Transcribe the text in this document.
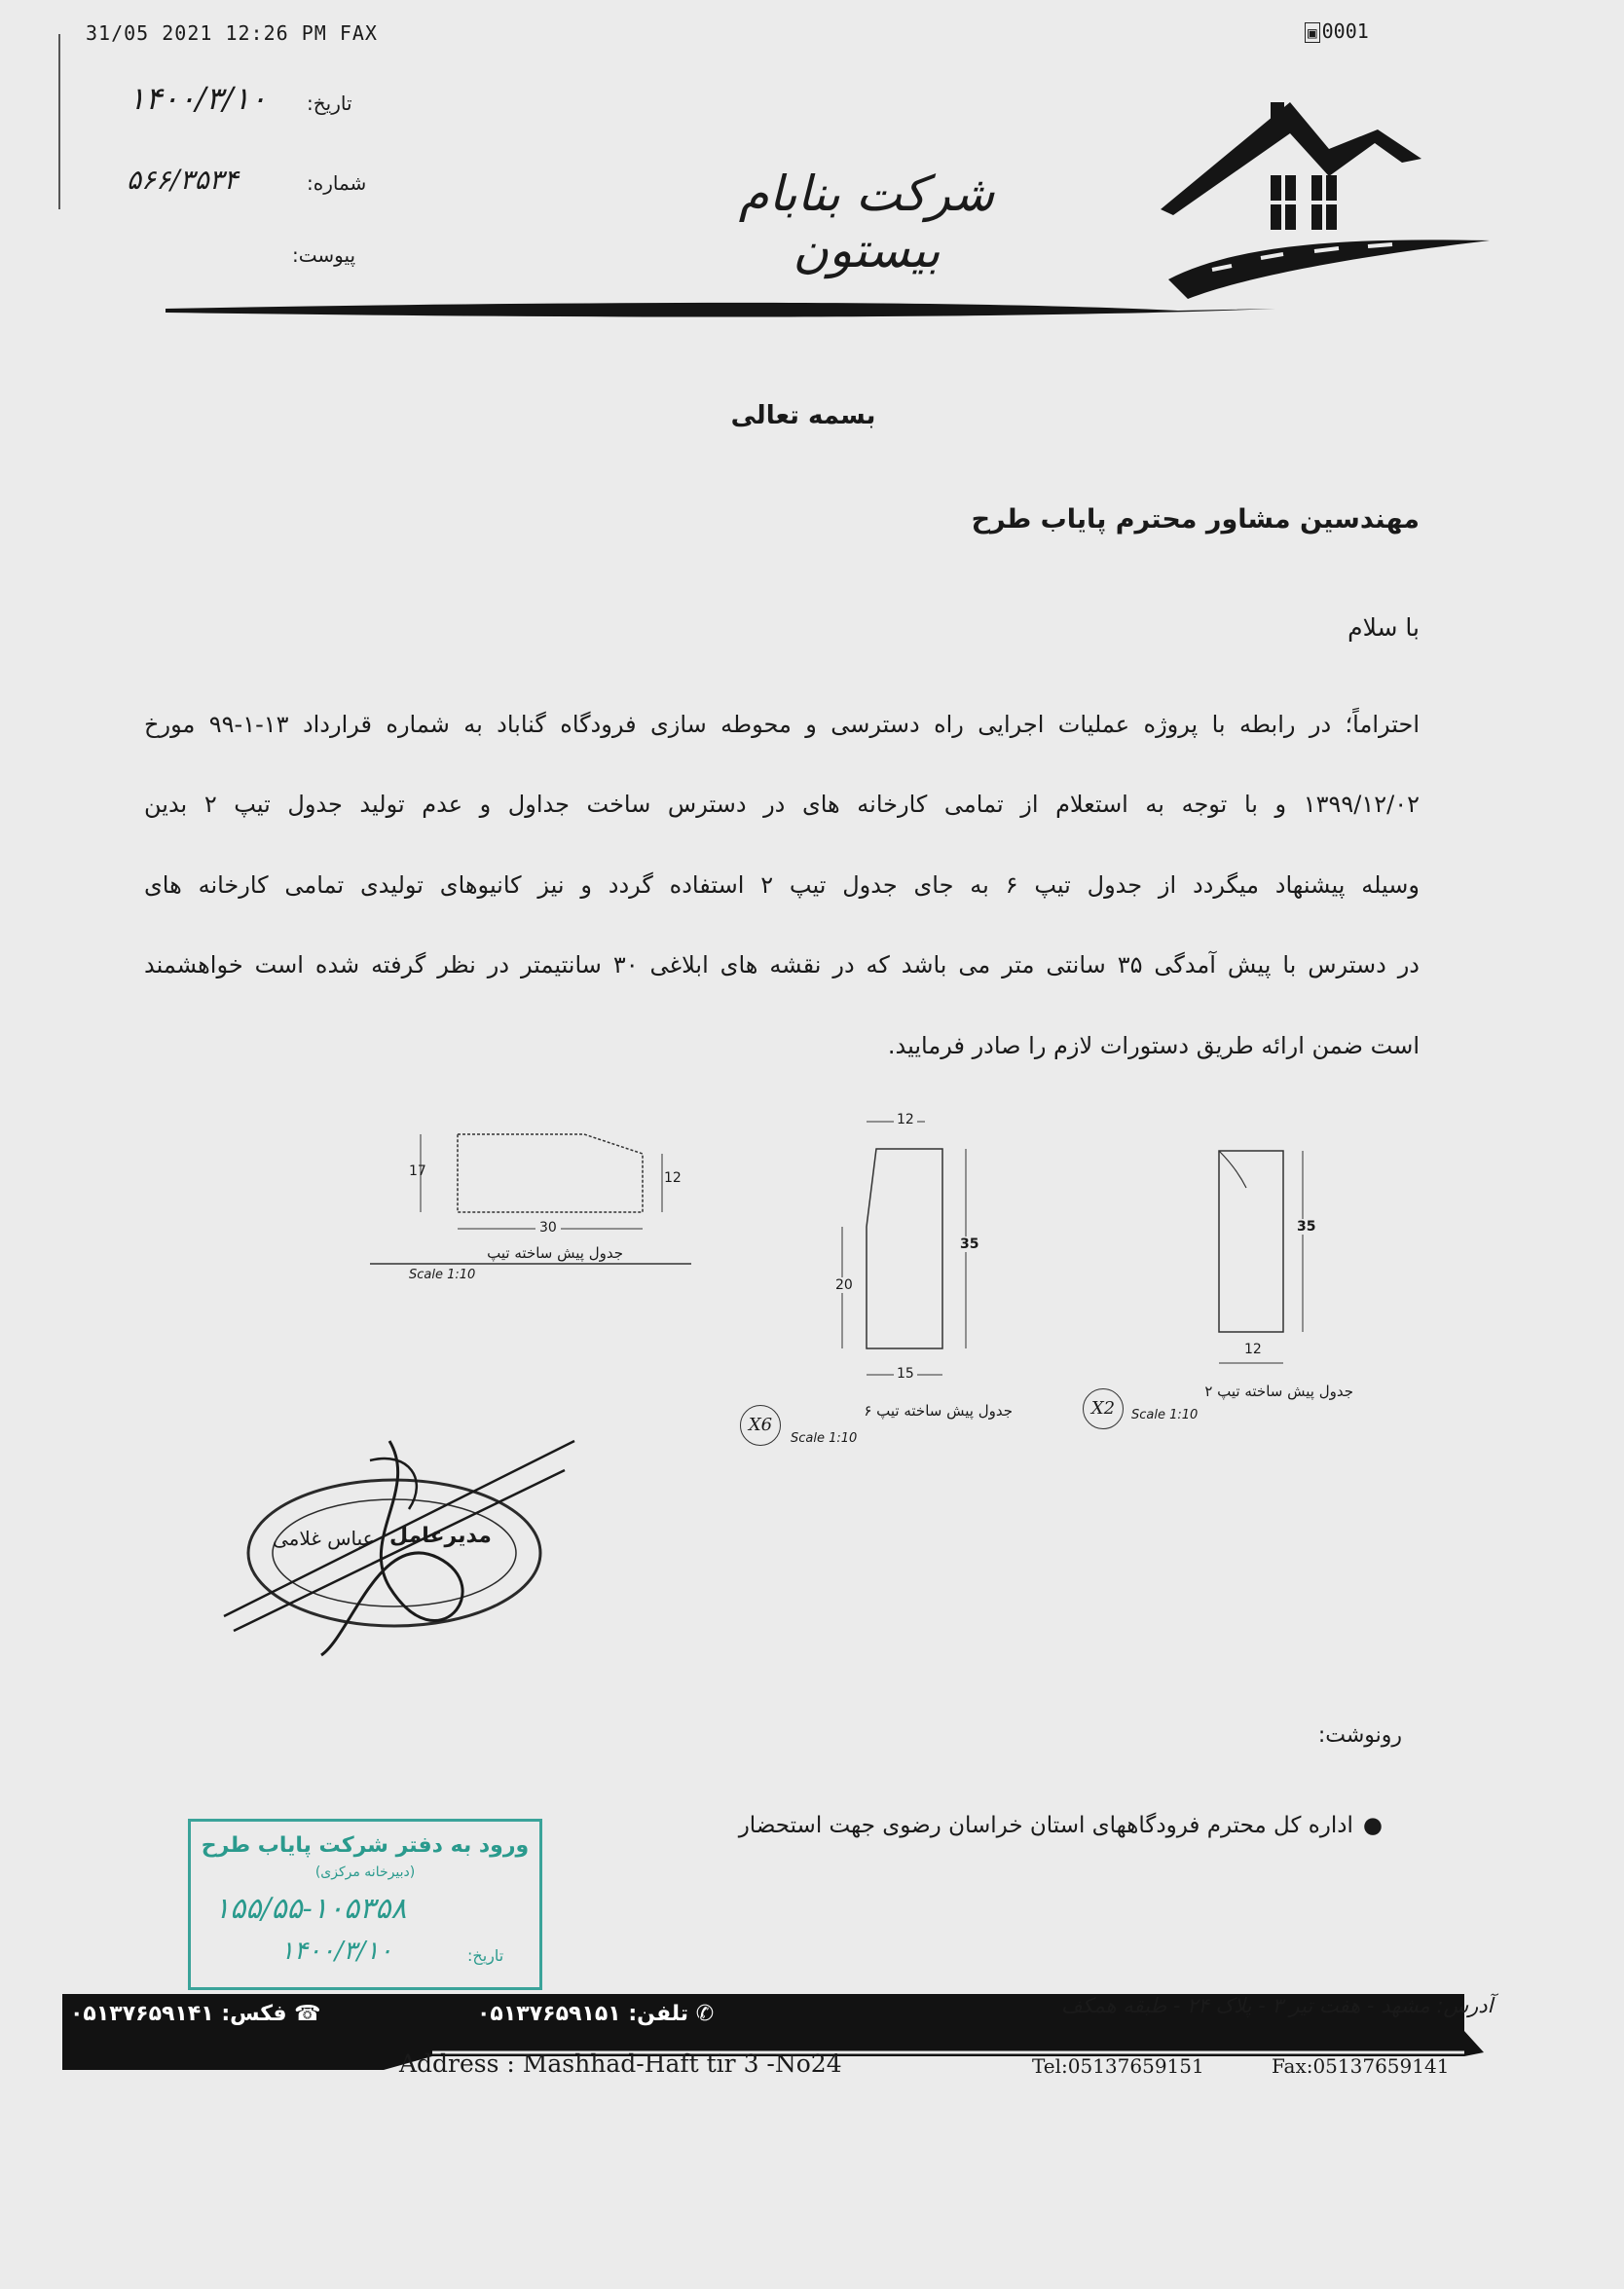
31/05 2021 12:26 PM FAX	▣ 0001
تاریخ:
۱۴۰۰/۳/۱۰
شماره:
۵۶۶/۳۵۳۴
پیوست:
شرکت بنابام بیستون
بسمه تعالی
مهندسین مشاور محترم پایاب طرح
با سلام
احتراماً؛ در رابطه با پروژه عملیات اجرایی راه دسترسی و محوطه سازی فرودگاه گناباد به شماره قرارداد ۱۳-۱-۹۹ مورخ
۱۳۹۹/۱۲/۰۲ و با توجه به استعلام از تمامی کارخانه های در دسترس ساخت جداول و عدم تولید جدول تیپ ۲ بدین
وسیله پیشنهاد میگردد از جدول تیپ ۶ به جای جدول تیپ ۲ استفاده گردد و نیز کانیوهای تولیدی تمامی کارخانه های
در دسترس با پیش آمدگی ۳۵ سانتی متر می باشد که در نقشه های ابلاغی ۳۰ سانتیمتر در نظر گرفته شده است خواهشمند
است ضمن ارائه طریق دستورات لازم را صادر فرمایید.
17	12
30
جدول پیش ساخته تیپ
Scale 1:10
12
35
20
15
جدول پیش ساخته تیپ ۶
Scale 1:10
X6
35
12
جدول پیش ساخته تیپ ۲
Scale 1:10
X2
مدیرعامل
عباس غلامی
رونوشت:
●اداره کل محترم فرودگاههای استان خراسان رضوی جهت استحضار
ورود به دفتر شرکت پایاب طرح
(دبیرخانه مرکزی)
۱۵۵/۵۵-۱۰۵۳۵۸
۱۴۰۰/۳/۱۰	تاریخ:
☎ فکس: ۰۵۱۳۷۶۵۹۱۴۱	✆ تلفن: ۰۵۱۳۷۶۵۹۱۵۱	آدرس: مشهد - هفت تیر ۳ - پلاک ۲۴ - طبقه همکف
Address : Mashhad-Haft tir 3 -No24	Tel:05137659151	Fax:05137659141
